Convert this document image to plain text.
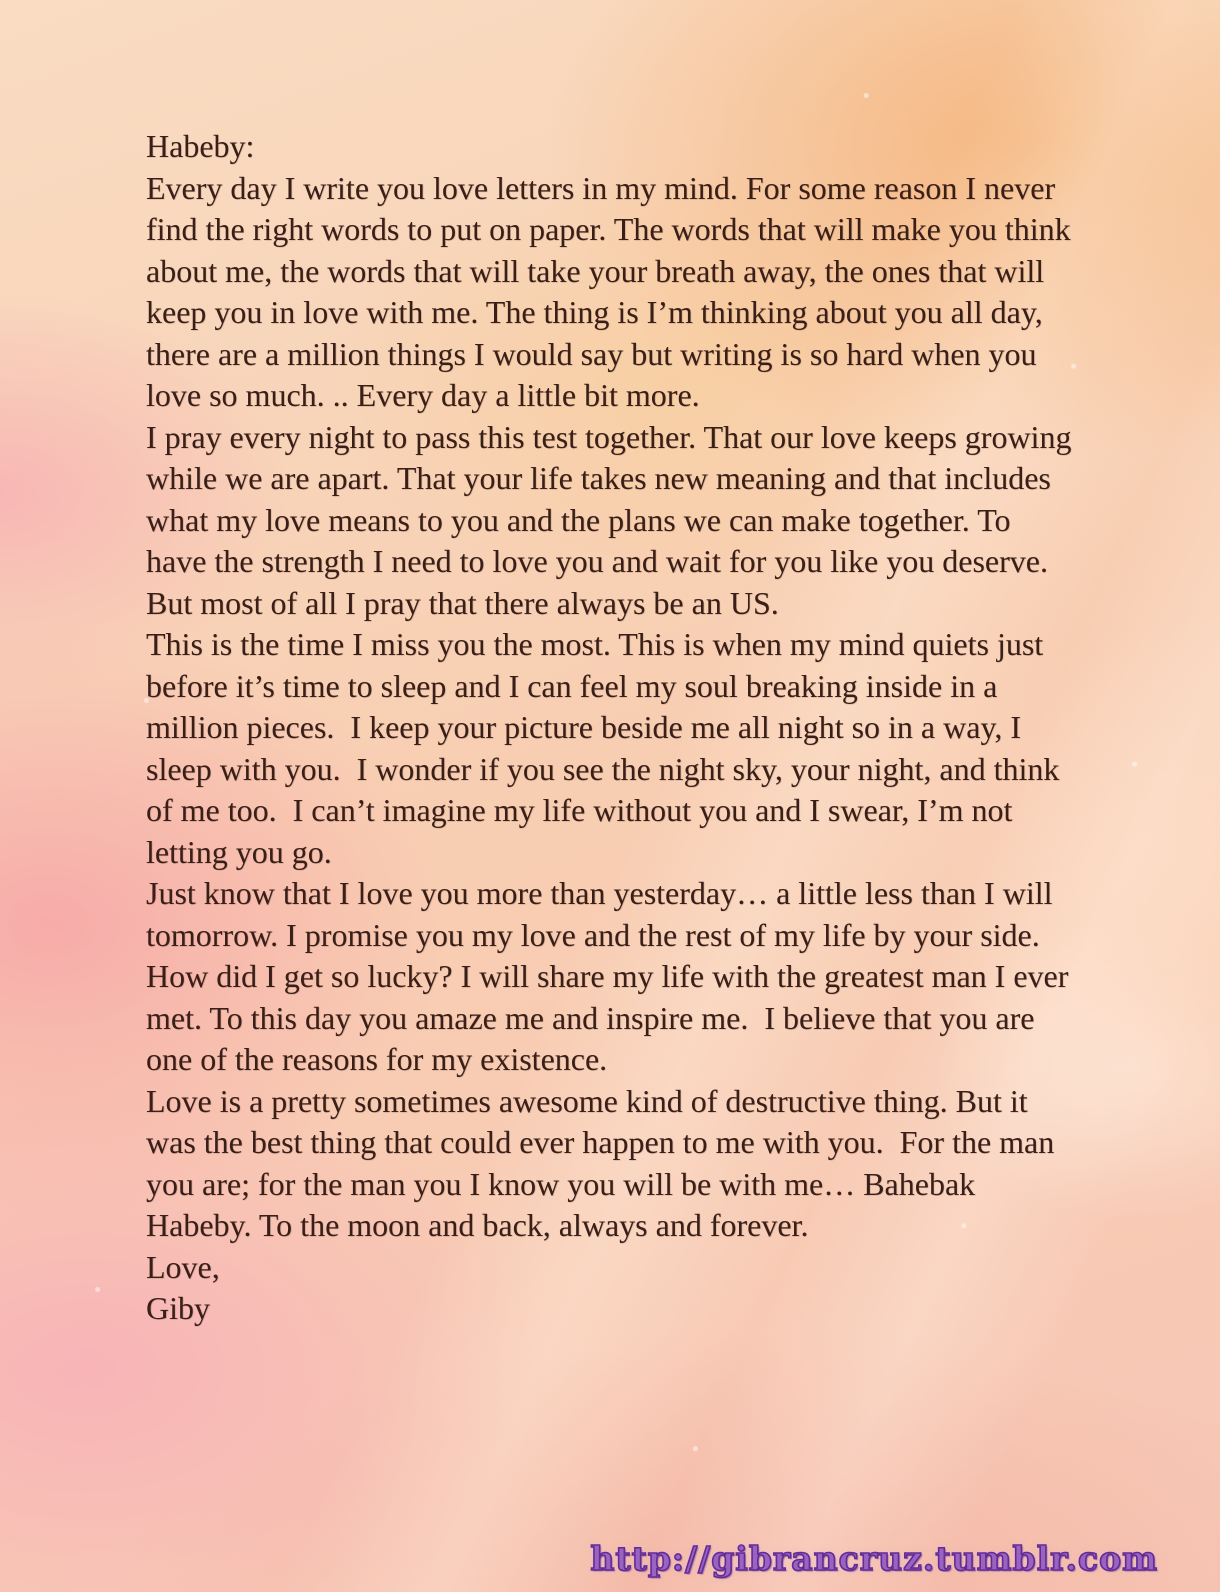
Habeby:

Every day I write you love letters in my mind. For some reason I never find the right words to put on paper. The words that will make you think about me, the words that will take your breath away, the ones that will keep you in love with me. The thing is I’m thinking about you all day, there are a million things I would say but writing is so hard when you love so much. .. Every day a little bit more.

I pray every night to pass this test together. That our love keeps growing while we are apart. That your life takes new meaning and that includes what my love means to you and the plans we can make together. To have the strength I need to love you and wait for you like you deserve. But most of all I pray that there always be an US.

This is the time I miss you the most. This is when my mind quiets just before it’s time to sleep and I can feel my soul breaking inside in a million pieces.  I keep your picture beside me all night so in a way, I sleep with you.  I wonder if you see the night sky, your night, and think of me too.  I can’t imagine my life without you and I swear, I’m not letting you go.

Just know that I love you more than yesterday… a little less than I will tomorrow. I promise you my love and the rest of my life by your side. How did I get so lucky? I will share my life with the greatest man I ever met. To this day you amaze me and inspire me.  I believe that you are one of the reasons for my existence.

Love is a pretty sometimes awesome kind of destructive thing. But it was the best thing that could ever happen to me with you.  For the man you are; for the man you I know you will be with me… Bahebak  Habeby. To the moon and back, always and forever.

Love,

Giby

http://gibrancruz.tumblr.com
